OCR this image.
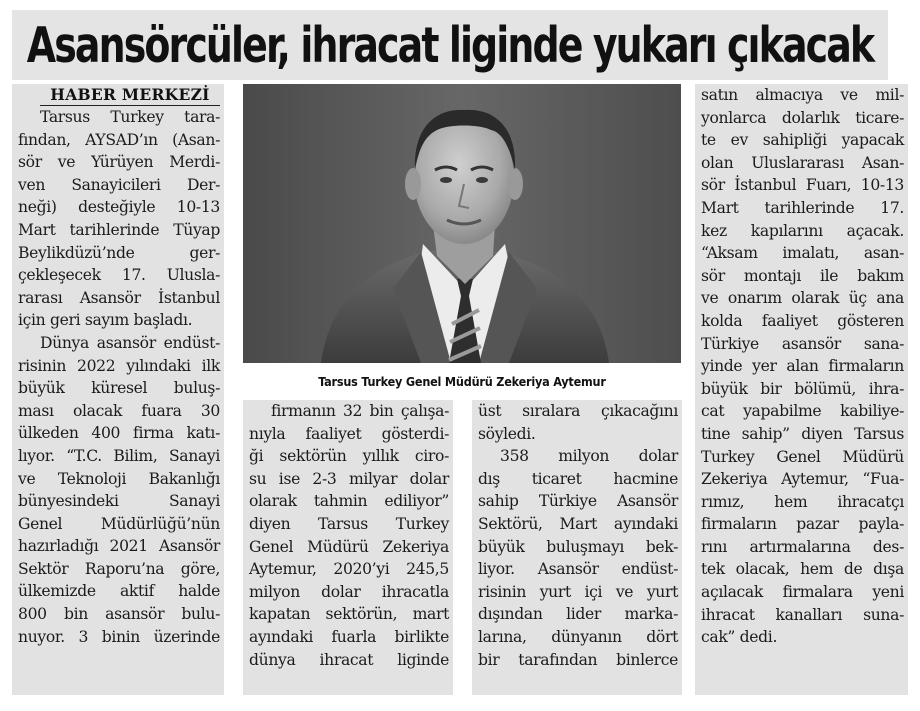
Asansörcüler, ihracat liginde yukarı çıkacak
HABER MERKEZİ

Tarsus Turkey tara-

fından, AYSAD’ın (Asan-

sör ve Yürüyen Merdi-

ven Sanayicileri Der-

neği) desteğiyle 10-13

Mart tarihlerinde Tüyap

Beylikdüzü’nde ger-

çekleşecek 17. Ulusla-

rarası Asansör İstanbul

için geri sayım başladı.

Dünya asansör endüst-

risinin 2022 yılındaki ilk

büyük küresel buluş-

ması olacak fuara 30

ülkeden 400 firma katı-

lıyor. “T.C. Bilim, Sanayi

ve Teknoloji Bakanlığı

bünyesindeki Sanayi

Genel Müdürlüğü’nün

hazırladığı 2021 Asansör

Sektör Raporu’na göre,

ülkemizde aktif halde

800 bin asansör bulu-

nuyor. 3 binin üzerinde

Tarsus Turkey Genel Müdürü Zekeriya Aytemur

firmanın 32 bin çalışa-

nıyla faaliyet gösterdi-

ği sektörün yıllık ciro-

su ise 2-3 milyar dolar

olarak tahmin ediliyor”

diyen Tarsus Turkey

Genel Müdürü Zekeriya

Aytemur, 2020’yi 245,5

milyon dolar ihracatla

kapatan sektörün, mart

ayındaki fuarla birlikte

dünya ihracat liginde

üst sıralara çıkacağını

söyledi.

358 milyon dolar

dış ticaret hacmine

sahip Türkiye Asansör

Sektörü, Mart ayındaki

büyük buluşmayı bek-

liyor. Asansör endüst-

risinin yurt içi ve yurt

dışından lider marka-

larına, dünyanın dört

bir tarafından binlerce

satın almacıya ve mil-

yonlarca dolarlık ticare-

te ev sahipliği yapacak

olan Uluslararası Asan-

sör İstanbul Fuarı, 10-13

Mart tarihlerinde 17.

kez kapılarını açacak.

“Aksam imalatı, asan-

sör montajı ile bakım

ve onarım olarak üç ana

kolda faaliyet gösteren

Türkiye asansör sana-

yinde yer alan firmaların

büyük bir bölümü, ihra-

cat yapabilme kabiliye-

tine sahip” diyen Tarsus

Turkey Genel Müdürü

Zekeriya Aytemur, “Fua-

rımız, hem ihracatçı

firmaların pazar payla-

rını artırmalarına des-

tek olacak, hem de dışa

açılacak firmalara yeni

ihracat kanalları suna-

cak” dedi.
